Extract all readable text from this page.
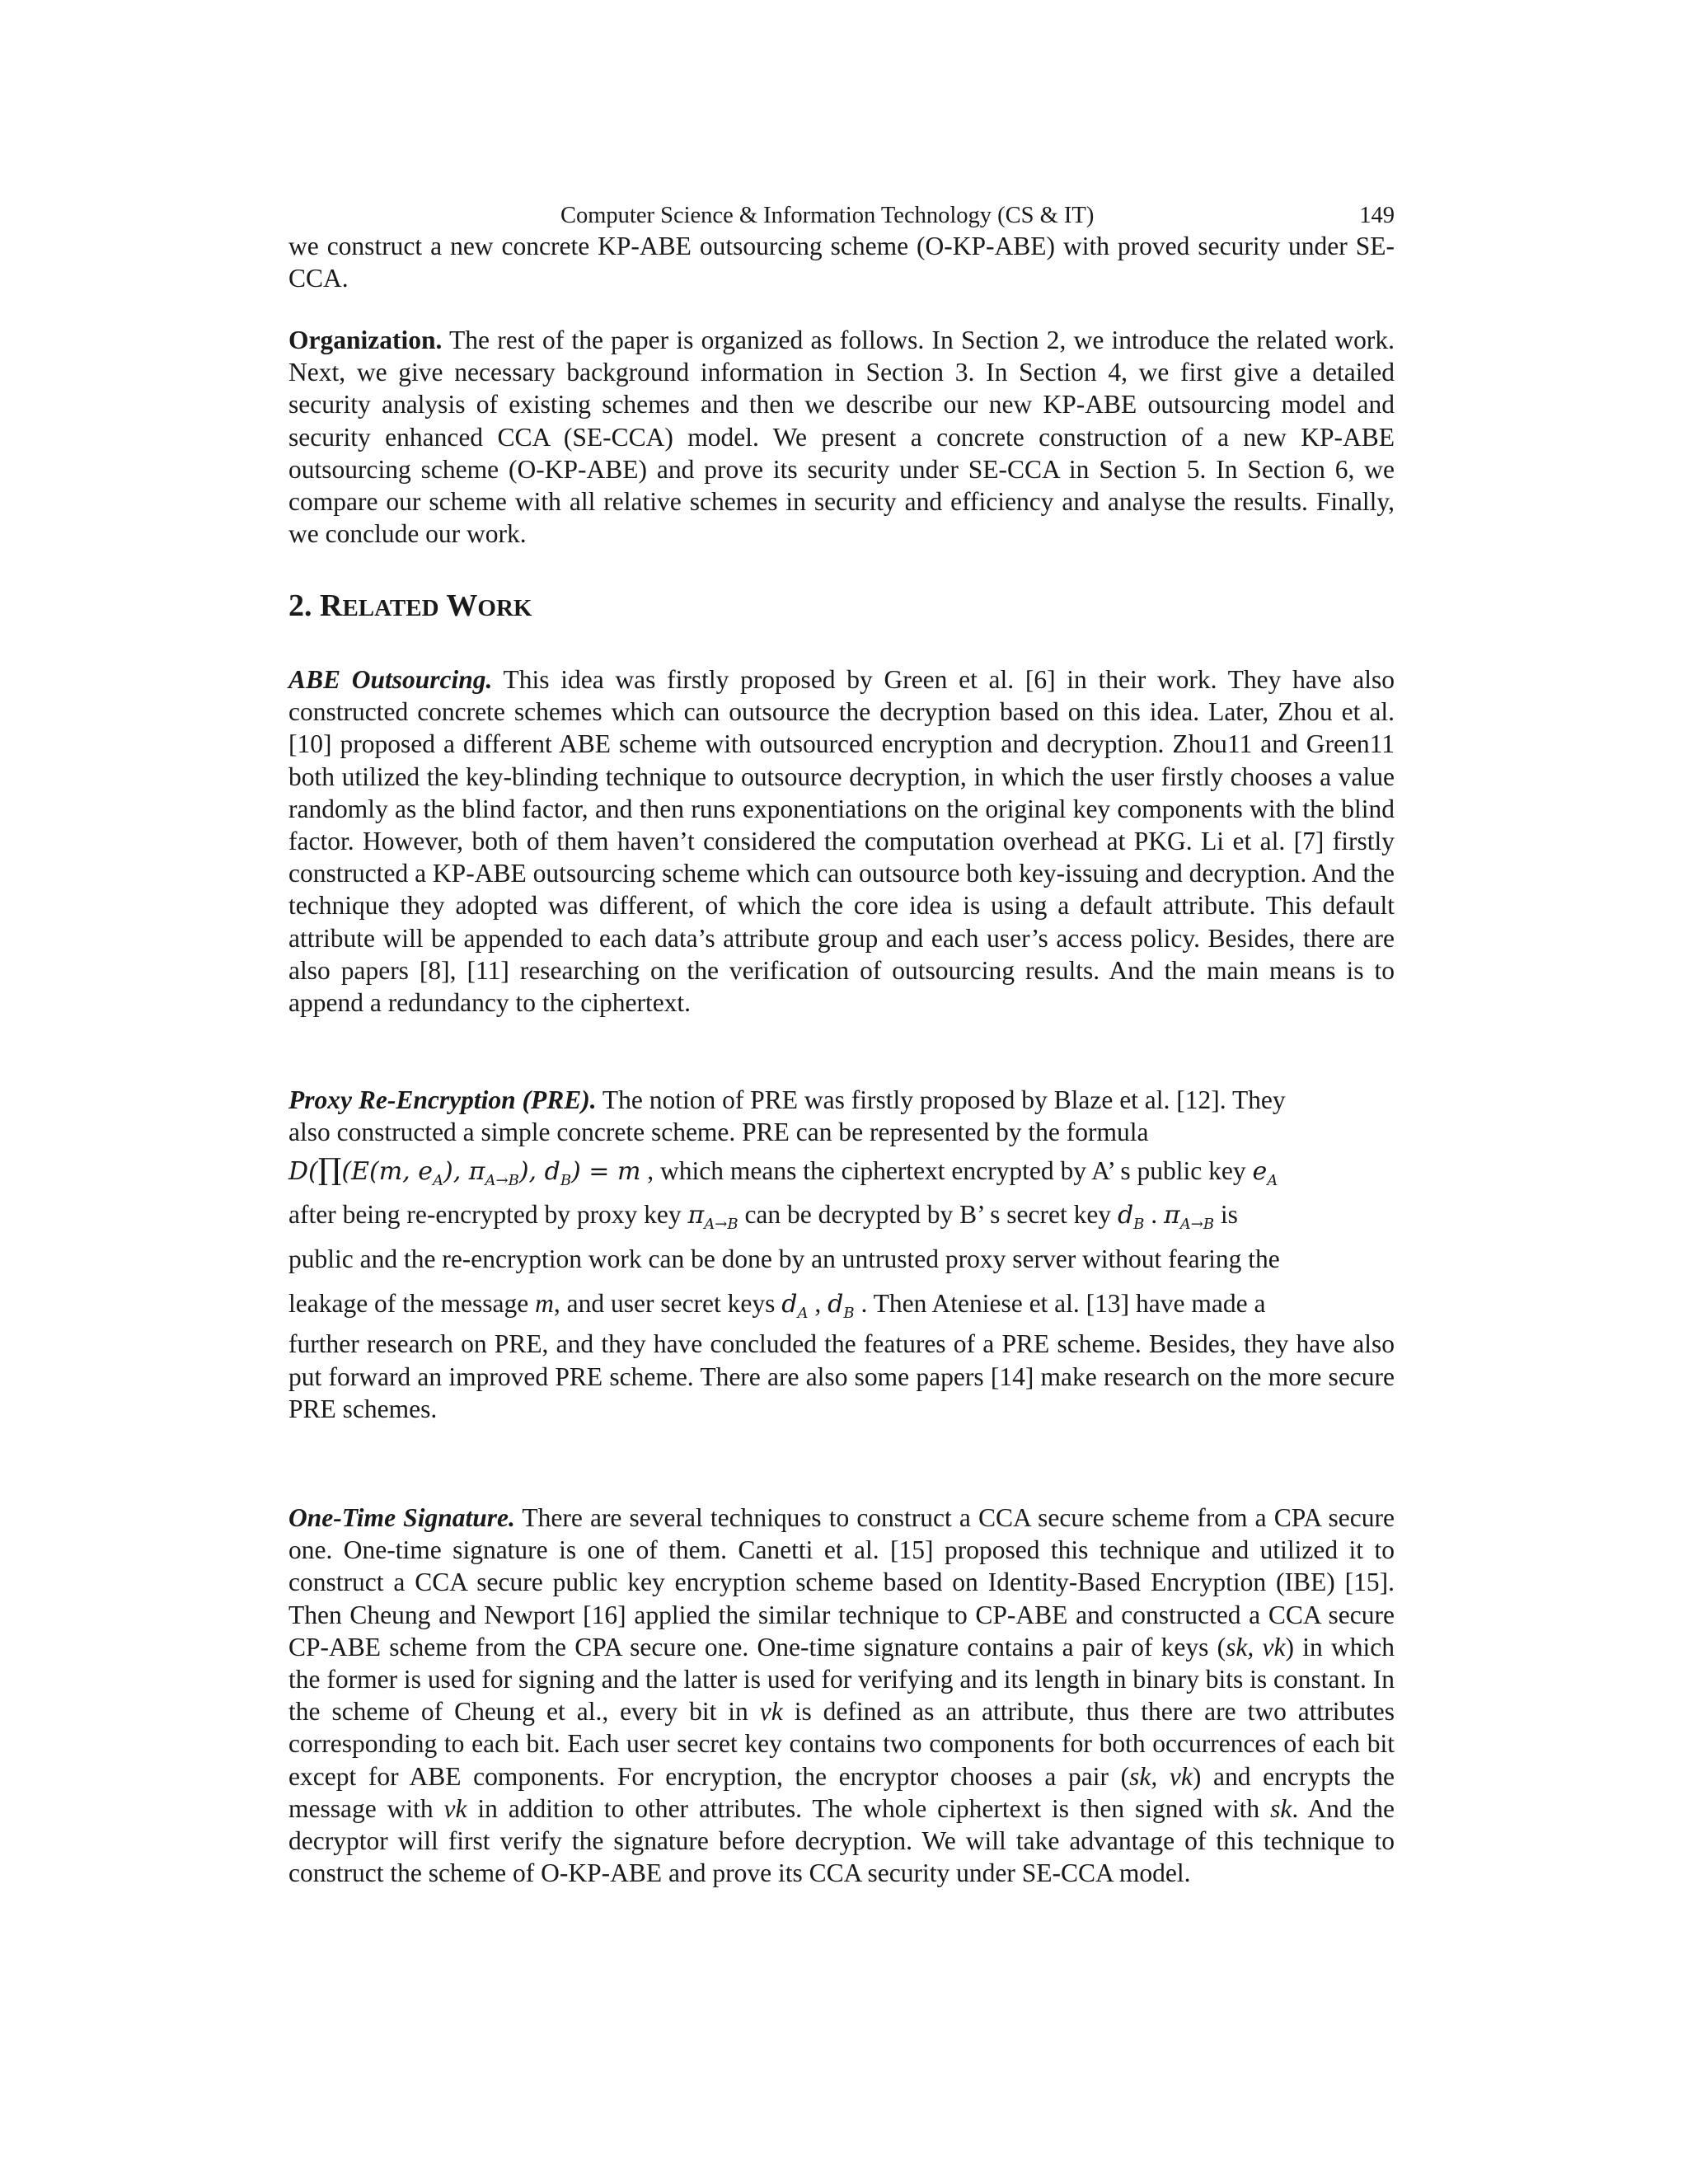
Computer Science & Information Technology (CS & IT)	149

we construct a new concrete KP-ABE outsourcing scheme (O-KP-ABE) with proved security under SE-CCA.

Organization. The rest of the paper is organized as follows. In Section 2, we introduce the related work. Next, we give necessary background information in Section 3. In Section 4, we first give a detailed security analysis of existing schemes and then we describe our new KP-ABE outsourcing model and security enhanced CCA (SE-CCA) model. We present a concrete construction of a new KP-ABE outsourcing scheme (O-KP-ABE) and prove its security under SE-CCA in Section 5. In Section 6, we compare our scheme with all relative schemes in security and efficiency and analyse the results. Finally, we conclude our work.

2. RELATED WORK

ABE Outsourcing. This idea was firstly proposed by Green et al. [6] in their work. They have also constructed concrete schemes which can outsource the decryption based on this idea. Later, Zhou et al. [10] proposed a different ABE scheme with outsourced encryption and decryption. Zhou11 and Green11 both utilized the key-blinding technique to outsource decryption, in which the user firstly chooses a value randomly as the blind factor, and then runs exponentiations on the original key components with the blind factor. However, both of them haven’t considered the computation overhead at PKG. Li et al. [7] firstly constructed a KP-ABE outsourcing scheme which can outsource both key-issuing and decryption. And the technique they adopted was different, of which the core idea is using a default attribute. This default attribute will be appended to each data’s attribute group and each user’s access policy. Besides, there are also papers [8], [11] researching on the verification of outsourcing results. And the main means is to append a redundancy to the ciphertext.

Proxy Re-Encryption (PRE). The notion of PRE was firstly proposed by Blaze et al. [12]. They
also constructed a simple concrete scheme. PRE can be represented by the formula
D(∏(E(m, $e_A$), $\pi_{A\to B}$), $d_B) = m$ , which means the ciphertext encrypted by A’ s public key $e_A$
after being re-encrypted by proxy key $\pi_{A\to B}$ can be decrypted by B’ s secret key $d_B$ . $\pi_{A\to B}$ is
public and the re-encryption work can be done by an untrusted proxy server without fearing the
leakage of the message m, and user secret keys $d_A$ , $d_B$ . Then Ateniese et al. [13] have made a

further research on PRE, and they have concluded the features of a PRE scheme. Besides, they have also put forward an improved PRE scheme. There are also some papers [14] make research on the more secure PRE schemes.

One-Time Signature. There are several techniques to construct a CCA secure scheme from a CPA secure one. One-time signature is one of them. Canetti et al. [15] proposed this technique and utilized it to construct a CCA secure public key encryption scheme based on Identity-Based Encryption (IBE) [15]. Then Cheung and Newport [16] applied the similar technique to CP-ABE and constructed a CCA secure CP-ABE scheme from the CPA secure one. One-time signature contains a pair of keys (sk, vk) in which the former is used for signing and the latter is used for verifying and its length in binary bits is constant. In the scheme of Cheung et al., every bit in vk is defined as an attribute, thus there are two attributes corresponding to each bit. Each user secret key contains two components for both occurrences of each bit except for ABE components. For encryption, the encryptor chooses a pair (sk, vk) and encrypts the message with vk in addition to other attributes. The whole ciphertext is then signed with sk. And the decryptor will first verify the signature before decryption. We will take advantage of this technique to construct the scheme of O-KP-ABE and prove its CCA security under SE-CCA model.
